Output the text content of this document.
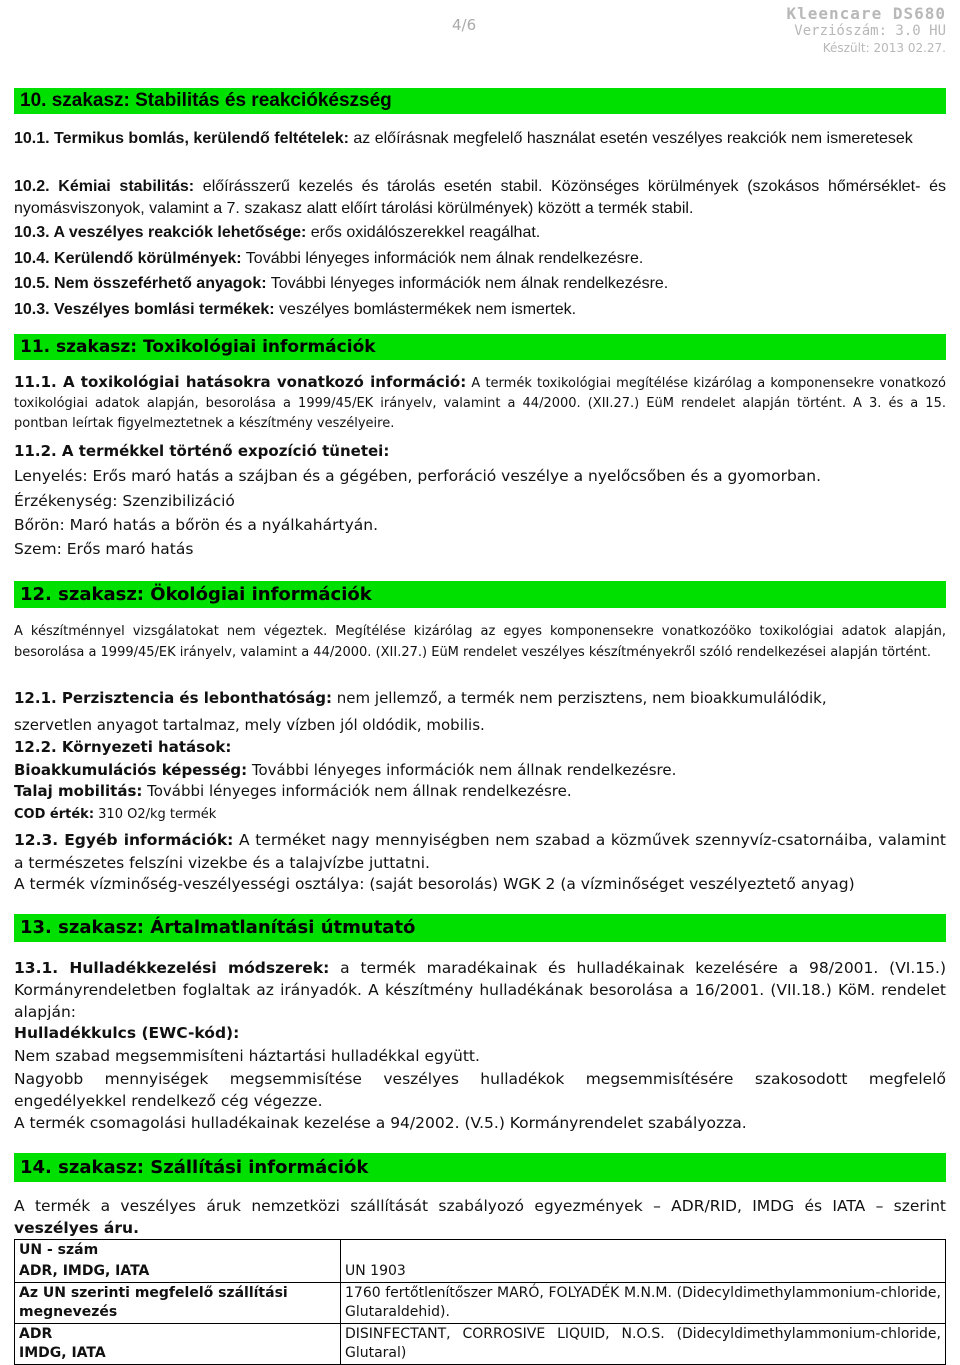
4/6
Kleencare DS680
Verziószám: 3.0 HU
Készült: 2013 02.27.
10. szakasz: Stabilitás és reakciókészség
10.1. Termikus bomlás, kerülendő feltételek: az előírásnak megfelelő használat esetén veszélyes reakciók nem ismeretesek
10.2. Kémiai stabilitás: előírásszerű kezelés és tárolás esetén stabil. Közönséges körülmények (szokásos hőmérséklet- és nyomásviszonyok, valamint a 7. szakasz alatt előírt tárolási körülmények) között a termék stabil.
10.3. A veszélyes reakciók lehetősége: erős oxidálószerekkel reagálhat.
10.4. Kerülendő körülmények: További lényeges információk nem álnak rendelkezésre.
10.5. Nem összeférhető anyagok: További lényeges információk nem álnak rendelkezésre.
10.3. Veszélyes bomlási termékek: veszélyes bomlástermékek nem ismertek.
11. szakasz: Toxikológiai információk
11.1. A toxikológiai hatásokra vonatkozó információ: A termék toxikológiai megítélése kizárólag a komponensekre vonatkozó toxikológiai adatok alapján, besorolása a 1999/45/EK irányelv, valamint a 44/2000. (XII.27.) EüM rendelet alapján történt. A 3. és a 15. pontban leírtak figyelmeztetnek a készítmény veszélyeire.
11.2. A termékkel történő expozíció tünetei:
Lenyelés: Erős maró hatás a szájban és a gégében, perforáció veszélye a nyelőcsőben és a gyomorban.
Érzékenység: Szenzibilizáció
Bőrön: Maró hatás a bőrön és a nyálkahártyán.
Szem: Erős maró hatás
12. szakasz: Ökológiai információk
A készítménnyel vizsgálatokat nem végeztek. Megítélése kizárólag az egyes komponensekre vonatkozóöko toxikológiai adatok alapján, besorolása a 1999/45/EK irányelv, valamint a 44/2000. (XII.27.) EüM rendelet veszélyes készítményekről szóló rendelkezései alapján történt.
12.1. Perzisztencia és lebonthatóság: nem jellemző, a termék nem perzisztens, nem bioakkumulálódik,
szervetlen anyagot tartalmaz, mely vízben jól oldódik, mobilis.
12.2. Környezeti hatások:
Bioakkumulációs képesség: További lényeges információk nem állnak rendelkezésre.
Talaj mobilitás: További lényeges információk nem állnak rendelkezésre.
COD érték: 310 O2/kg termék
12.3. Egyéb információk: A terméket nagy mennyiségben nem szabad a közművek szennyvíz-csatornáiba, valamint a természetes felszíni vizekbe és a talajvízbe juttatni.
A termék vízminőség-veszélyességi osztálya: (saját besorolás) WGK 2 (a vízminőséget veszélyeztető anyag)
13. szakasz: Ártalmatlanítási útmutató
13.1. Hulladékkezelési módszerek: a termék maradékainak és hulladékainak kezelésére a 98/2001. (VI.15.) Kormányrendeletben foglaltak az irányadók. A készítmény hulladékának besorolása a 16/2001. (VII.18.) KöM. rendelet alapján:
Hulladékkulcs (EWC-kód):
Nem szabad megsemmisíteni háztartási hulladékkal együtt.
Nagyobb mennyiségek megsemmisítése veszélyes hulladékok megsemmisítésére szakosodott megfelelő engedélyekkel rendelkező cég végezze.
A termék csomagolási hulladékainak kezelése a 94/2002. (V.5.) Kormányrendelet szabályozza.
14. szakasz: Szállítási információk
A termék a veszélyes áruk nemzetközi szállítását szabályozó egyezmények – ADR/RID, IMDG és IATA – szerint veszélyes áru.
UN - szám	
ADR, IMDG, IATA	UN 1903
Az UN szerinti megfelelő szállítási megnevezés	1760 fertőtlenítőszer MARÓ, FOLYADÉK M.N.M. (Didecyldimethylammonium-chloride, Glutaraldehid).

ADR
IMDG, IATA	DISINFECTANT, CORROSIVE LIQUID, N.O.S. (Didecyldimethylammonium-chloride, Glutaral)
